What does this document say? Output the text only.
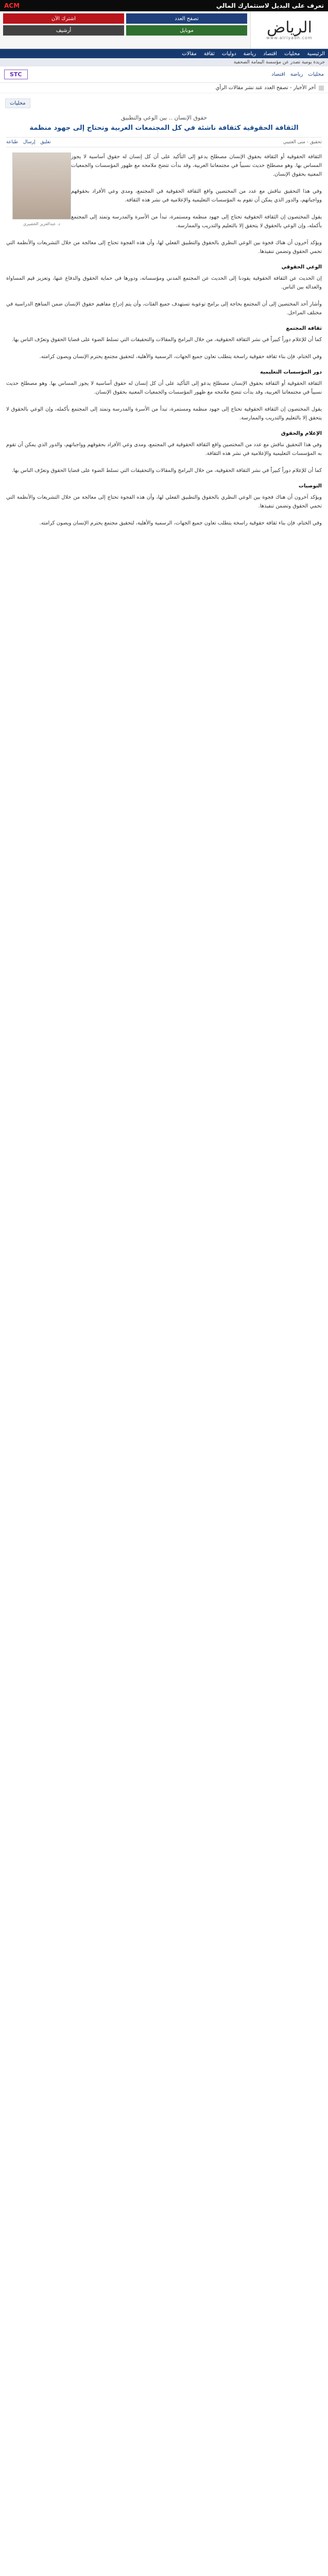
تعرف على البديل لاستثمارك المالي
ACM
الرياض
www.alriyadh.com
تصفح العدد
اشترك الآن
موبايل
أرشيف
الرئيسية
محليات
اقتصاد
رياضة
دوليات
ثقافة
مقالات
جريدة يومية تصدر عن مؤسسة اليمامة الصحفية
محليات
رياضة
اقتصاد
STC
آخر الأخبار - تصفح العدد عند نشر مقالات الرأي
محليات
حقوق الإنسان .. بين الوعي والتطبيق
الثقافة الحقوقية كثقافة ناشئة في كل المجتمعات العربية وتحتاج إلى جهود منظمة
تحقيق - منى العتيبي
طباعة إرسال تعليق
د. عبدالعزيز الخضيري

الثقافة الحقوقية أو الثقافة بحقوق الإنسان مصطلح يدعو إلى التأكيد على أن كل إنسان له حقوق أساسية لا يجوز المساس بها. وهو مصطلح حديث نسبياً في مجتمعاتنا العربية، وقد بدأت تتضح ملامحه مع ظهور المؤسسات والجمعيات المعنية بحقوق الإنسان.

وفي هذا التحقيق نناقش مع عدد من المختصين واقع الثقافة الحقوقية في المجتمع، ومدى وعي الأفراد بحقوقهم وواجباتهم، والدور الذي يمكن أن تقوم به المؤسسات التعليمية والإعلامية في نشر هذه الثقافة.

يقول المختصون إن الثقافة الحقوقية تحتاج إلى جهود منظمة ومستمرة، تبدأ من الأسرة والمدرسة وتمتد إلى المجتمع بأكمله، وإن الوعي بالحقوق لا يتحقق إلا بالتعليم والتدريب والممارسة.

ويؤكد آخرون أن هناك فجوة بين الوعي النظري بالحقوق والتطبيق الفعلي لها، وأن هذه الفجوة تحتاج إلى معالجة من خلال التشريعات والأنظمة التي تحمي الحقوق وتضمن تنفيذها.

الوعي الحقوقي

إن الحديث عن الثقافة الحقوقية يقودنا إلى الحديث عن المجتمع المدني ومؤسساته، ودورها في حماية الحقوق والدفاع عنها، وتعزيز قيم المساواة والعدالة بين الناس.

وأشار أحد المختصين إلى أن المجتمع بحاجة إلى برامج توعوية تستهدف جميع الفئات، وأن يتم إدراج مفاهيم حقوق الإنسان ضمن المناهج الدراسية في مختلف المراحل.

ثقافة المجتمع

كما أن للإعلام دوراً كبيراً في نشر الثقافة الحقوقية، من خلال البرامج والمقالات والتحقيقات التي تسلط الضوء على قضايا الحقوق وتعرّف الناس بها.

وفي الختام، فإن بناء ثقافة حقوقية راسخة يتطلب تعاون جميع الجهات، الرسمية والأهلية، لتحقيق مجتمع يحترم الإنسان ويصون كرامته.

دور المؤسسات التعليمية

الثقافة الحقوقية أو الثقافة بحقوق الإنسان مصطلح يدعو إلى التأكيد على أن كل إنسان له حقوق أساسية لا يجوز المساس بها. وهو مصطلح حديث نسبياً في مجتمعاتنا العربية، وقد بدأت تتضح ملامحه مع ظهور المؤسسات والجمعيات المعنية بحقوق الإنسان.

يقول المختصون إن الثقافة الحقوقية تحتاج إلى جهود منظمة ومستمرة، تبدأ من الأسرة والمدرسة وتمتد إلى المجتمع بأكمله، وإن الوعي بالحقوق لا يتحقق إلا بالتعليم والتدريب والممارسة.

الإعلام والحقوق

وفي هذا التحقيق نناقش مع عدد من المختصين واقع الثقافة الحقوقية في المجتمع، ومدى وعي الأفراد بحقوقهم وواجباتهم، والدور الذي يمكن أن تقوم به المؤسسات التعليمية والإعلامية في نشر هذه الثقافة.

كما أن للإعلام دوراً كبيراً في نشر الثقافة الحقوقية، من خلال البرامج والمقالات والتحقيقات التي تسلط الضوء على قضايا الحقوق وتعرّف الناس بها.

التوصيات

ويؤكد آخرون أن هناك فجوة بين الوعي النظري بالحقوق والتطبيق الفعلي لها، وأن هذه الفجوة تحتاج إلى معالجة من خلال التشريعات والأنظمة التي تحمي الحقوق وتضمن تنفيذها.

وفي الختام، فإن بناء ثقافة حقوقية راسخة يتطلب تعاون جميع الجهات، الرسمية والأهلية، لتحقيق مجتمع يحترم الإنسان ويصون كرامته.
